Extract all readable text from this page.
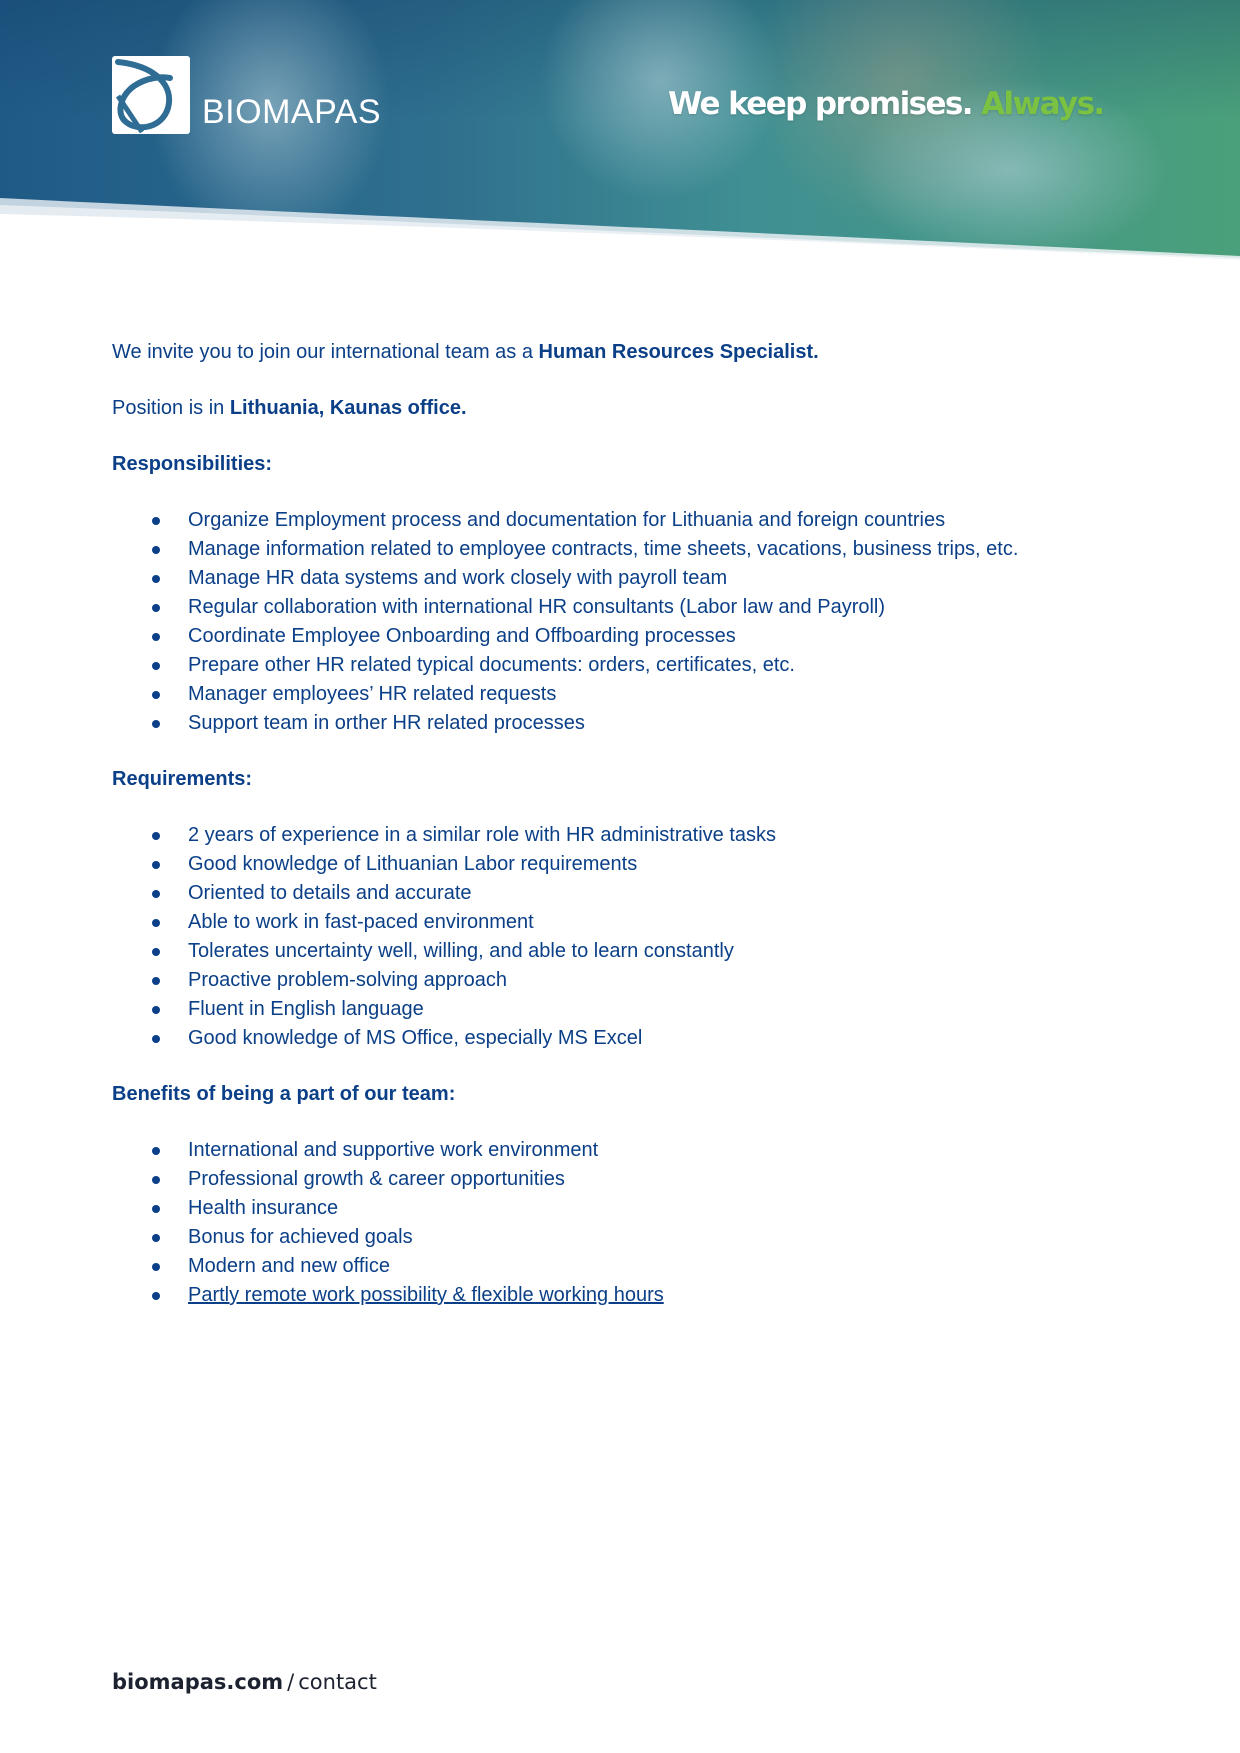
BIOMAPAS	We keep promises. Always.

We invite you to join our international team as a Human Resources Specialist.

Position is in Lithuania, Kaunas office.

Responsibilities:

Organize Employment process and documentation for Lithuania and foreign countries
Manage information related to employee contracts, time sheets, vacations, business trips, etc.
Manage HR data systems and work closely with payroll team
Regular collaboration with international HR consultants (Labor law and Payroll)
Coordinate Employee Onboarding and Offboarding processes
Prepare other HR related typical documents: orders, certificates, etc.
Manager employees’ HR related requests
Support team in orther HR related processes

Requirements:

2 years of experience in a similar role with HR administrative tasks
Good knowledge of Lithuanian Labor requirements
Oriented to details and accurate
Able to work in fast-paced environment
Tolerates uncertainty well, willing, and able to learn constantly
Proactive problem-solving approach
Fluent in English language
Good knowledge of MS Office, especially MS Excel

Benefits of being a part of our team:

International and supportive work environment
Professional growth & career opportunities
Health insurance
Bonus for achieved goals
Modern and new office
Partly remote work possibility & flexible working hours
biomapas.com / contact
